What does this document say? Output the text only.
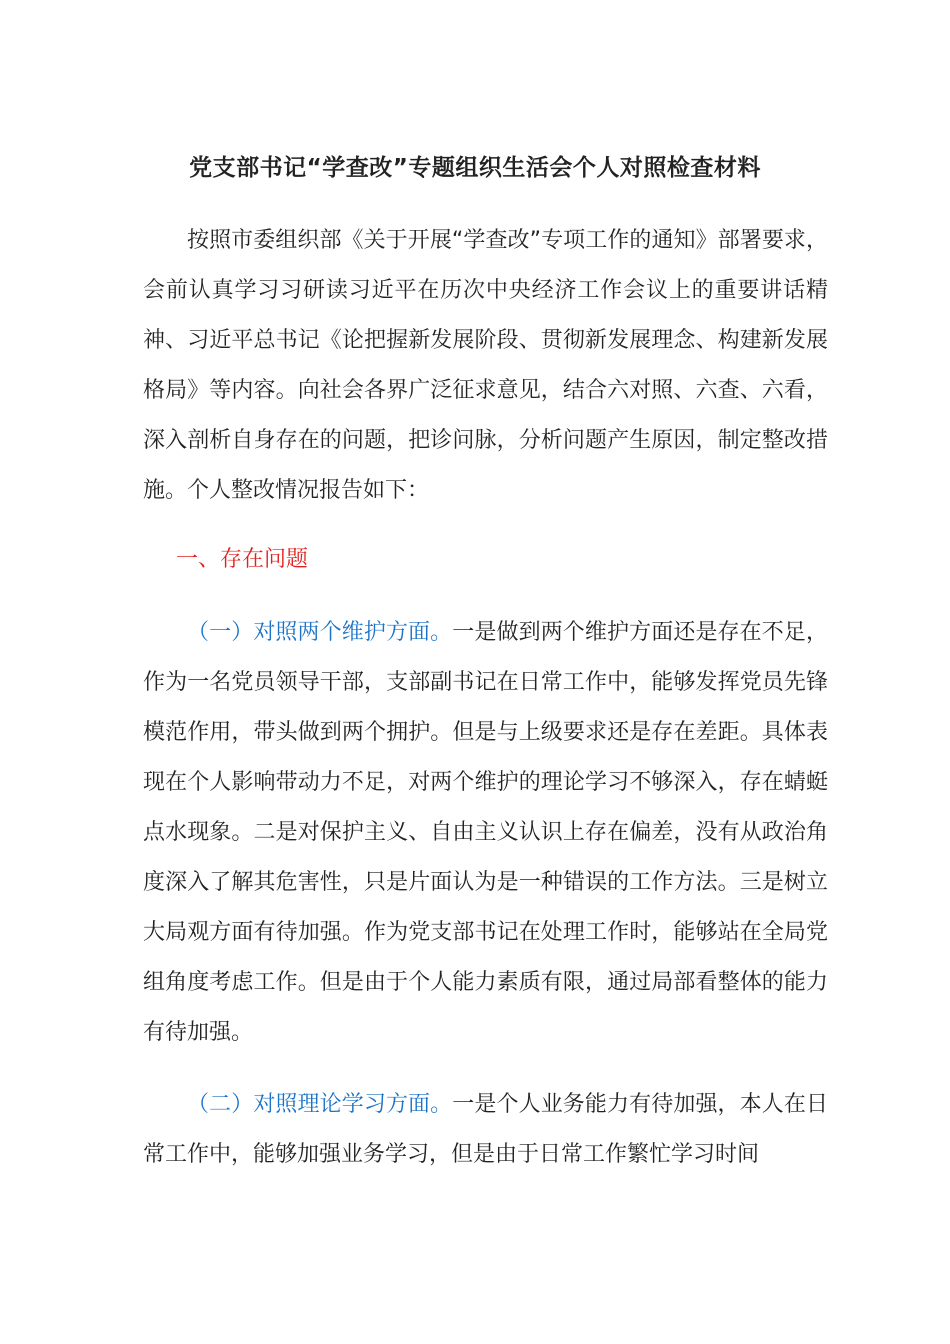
党支部书记“学查改”专题组织生活会个人对照检查材料

按照市委组织部《关于开展“学查改”专项工作的通知》部署要求，会前认真学习习研读习近平在历次中央经济工作会议上的重要讲话精神、习近平总书记《论把握新发展阶段、贯彻新发展理念、构建新发展格局》等内容。向社会各界广泛征求意见，结合六对照、六查、六看，深入剖析自身存在的问题，把诊问脉，分析问题产生原因，制定整改措施。个人整改情况报告如下：

一、存在问题

（一）对照两个维护方面。一是做到两个维护方面还是存在不足，作为一名党员领导干部，支部副书记在日常工作中，能够发挥党员先锋模范作用，带头做到两个拥护。但是与上级要求还是存在差距。具体表现在个人影响带动力不足，对两个维护的理论学习不够深入，存在蜻蜓点水现象。二是对保护主义、自由主义认识上存在偏差，没有从政治角度深入了解其危害性，只是片面认为是一种错误的工作方法。三是树立大局观方面有待加强。作为党支部书记在处理工作时，能够站在全局党组角度考虑工作。但是由于个人能力素质有限，通过局部看整体的能力有待加强。

（二）对照理论学习方面。一是个人业务能力有待加强，本人在日常工作中，能够加强业务学习，但是由于日常工作繁忙学习时间
